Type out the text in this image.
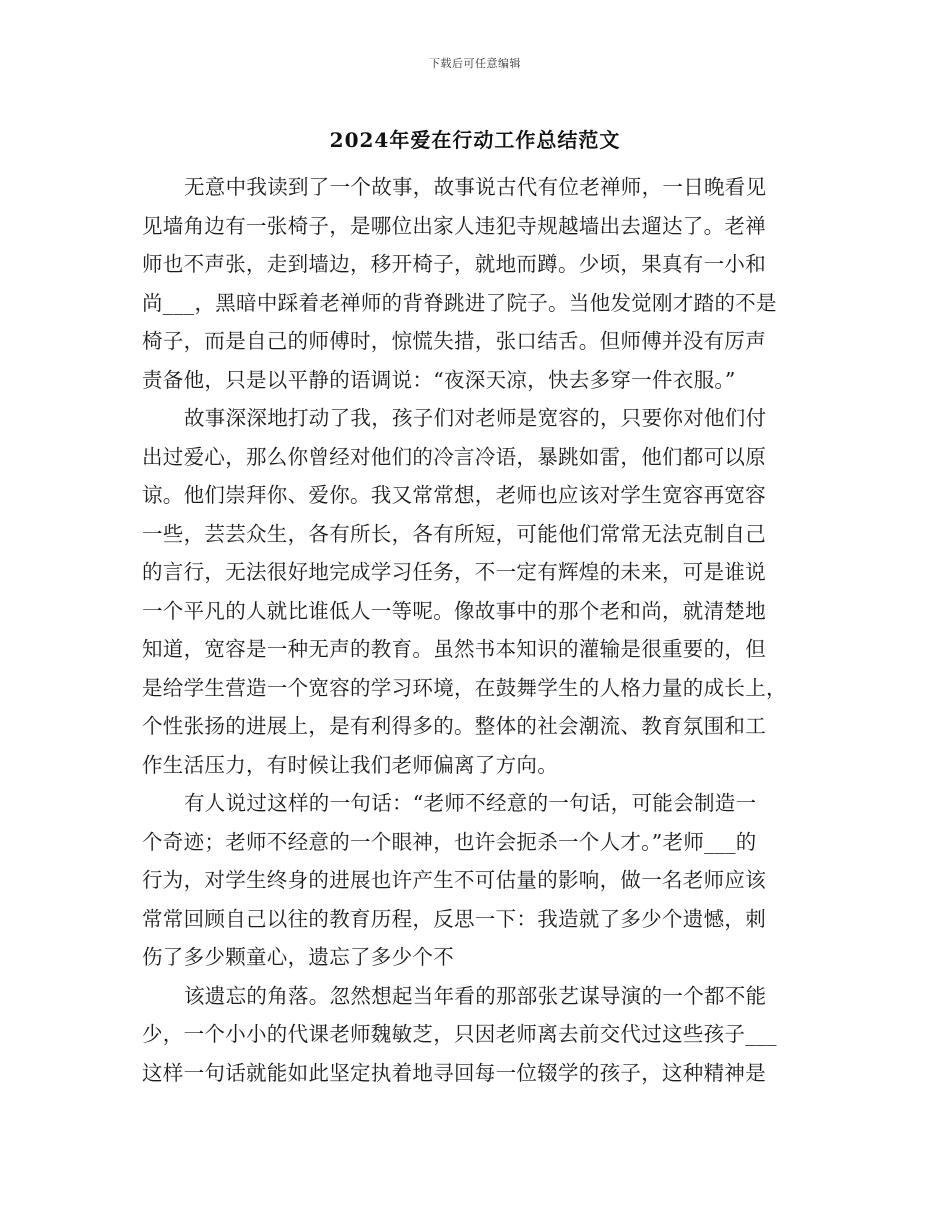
下载后可任意编辑
2024年爱在行动工作总结范文
无意中我读到了一个故事，故事说古代有位老禅师，一日晚看见
见墙角边有一张椅子，是哪位出家人违犯寺规越墙出去遛达了。老禅
师也不声张，走到墙边，移开椅子，就地而蹲。少顷，果真有一小和
尚___，黑暗中踩着老禅师的背脊跳进了院子。当他发觉刚才踏的不是
椅子，而是自己的师傅时，惊慌失措，张口结舌。但师傅并没有厉声
责备他，只是以平静的语调说：“夜深天凉，快去多穿一件衣服。”
故事深深地打动了我，孩子们对老师是宽容的，只要你对他们付
出过爱心，那么你曾经对他们的冷言冷语，暴跳如雷，他们都可以原
谅。他们崇拜你、爱你。我又常常想，老师也应该对学生宽容再宽容
一些，芸芸众生，各有所长，各有所短，可能他们常常无法克制自己
的言行，无法很好地完成学习任务，不一定有辉煌的未来，可是谁说
一个平凡的人就比谁低人一等呢。像故事中的那个老和尚，就清楚地
知道，宽容是一种无声的教育。虽然书本知识的灌输是很重要的，但
是给学生营造一个宽容的学习环境，在鼓舞学生的人格力量的成长上，
个性张扬的进展上，是有利得多的。整体的社会潮流、教育氛围和工
作生活压力，有时候让我们老师偏离了方向。
有人说过这样的一句话：“老师不经意的一句话，可能会制造一
个奇迹；老师不经意的一个眼神，也许会扼杀一个人才。”老师___的
行为，对学生终身的进展也许产生不可估量的影响，做一名老师应该
常常回顾自己以往的教育历程，反思一下：我造就了多少个遗憾，刺
伤了多少颗童心，遗忘了多少个不
该遗忘的角落。忽然想起当年看的那部张艺谋导演的一个都不能
少，一个小小的代课老师魏敏芝，只因老师离去前交代过这些孩子___
这样一句话就能如此坚定执着地寻回每一位辍学的孩子，这种精神是
